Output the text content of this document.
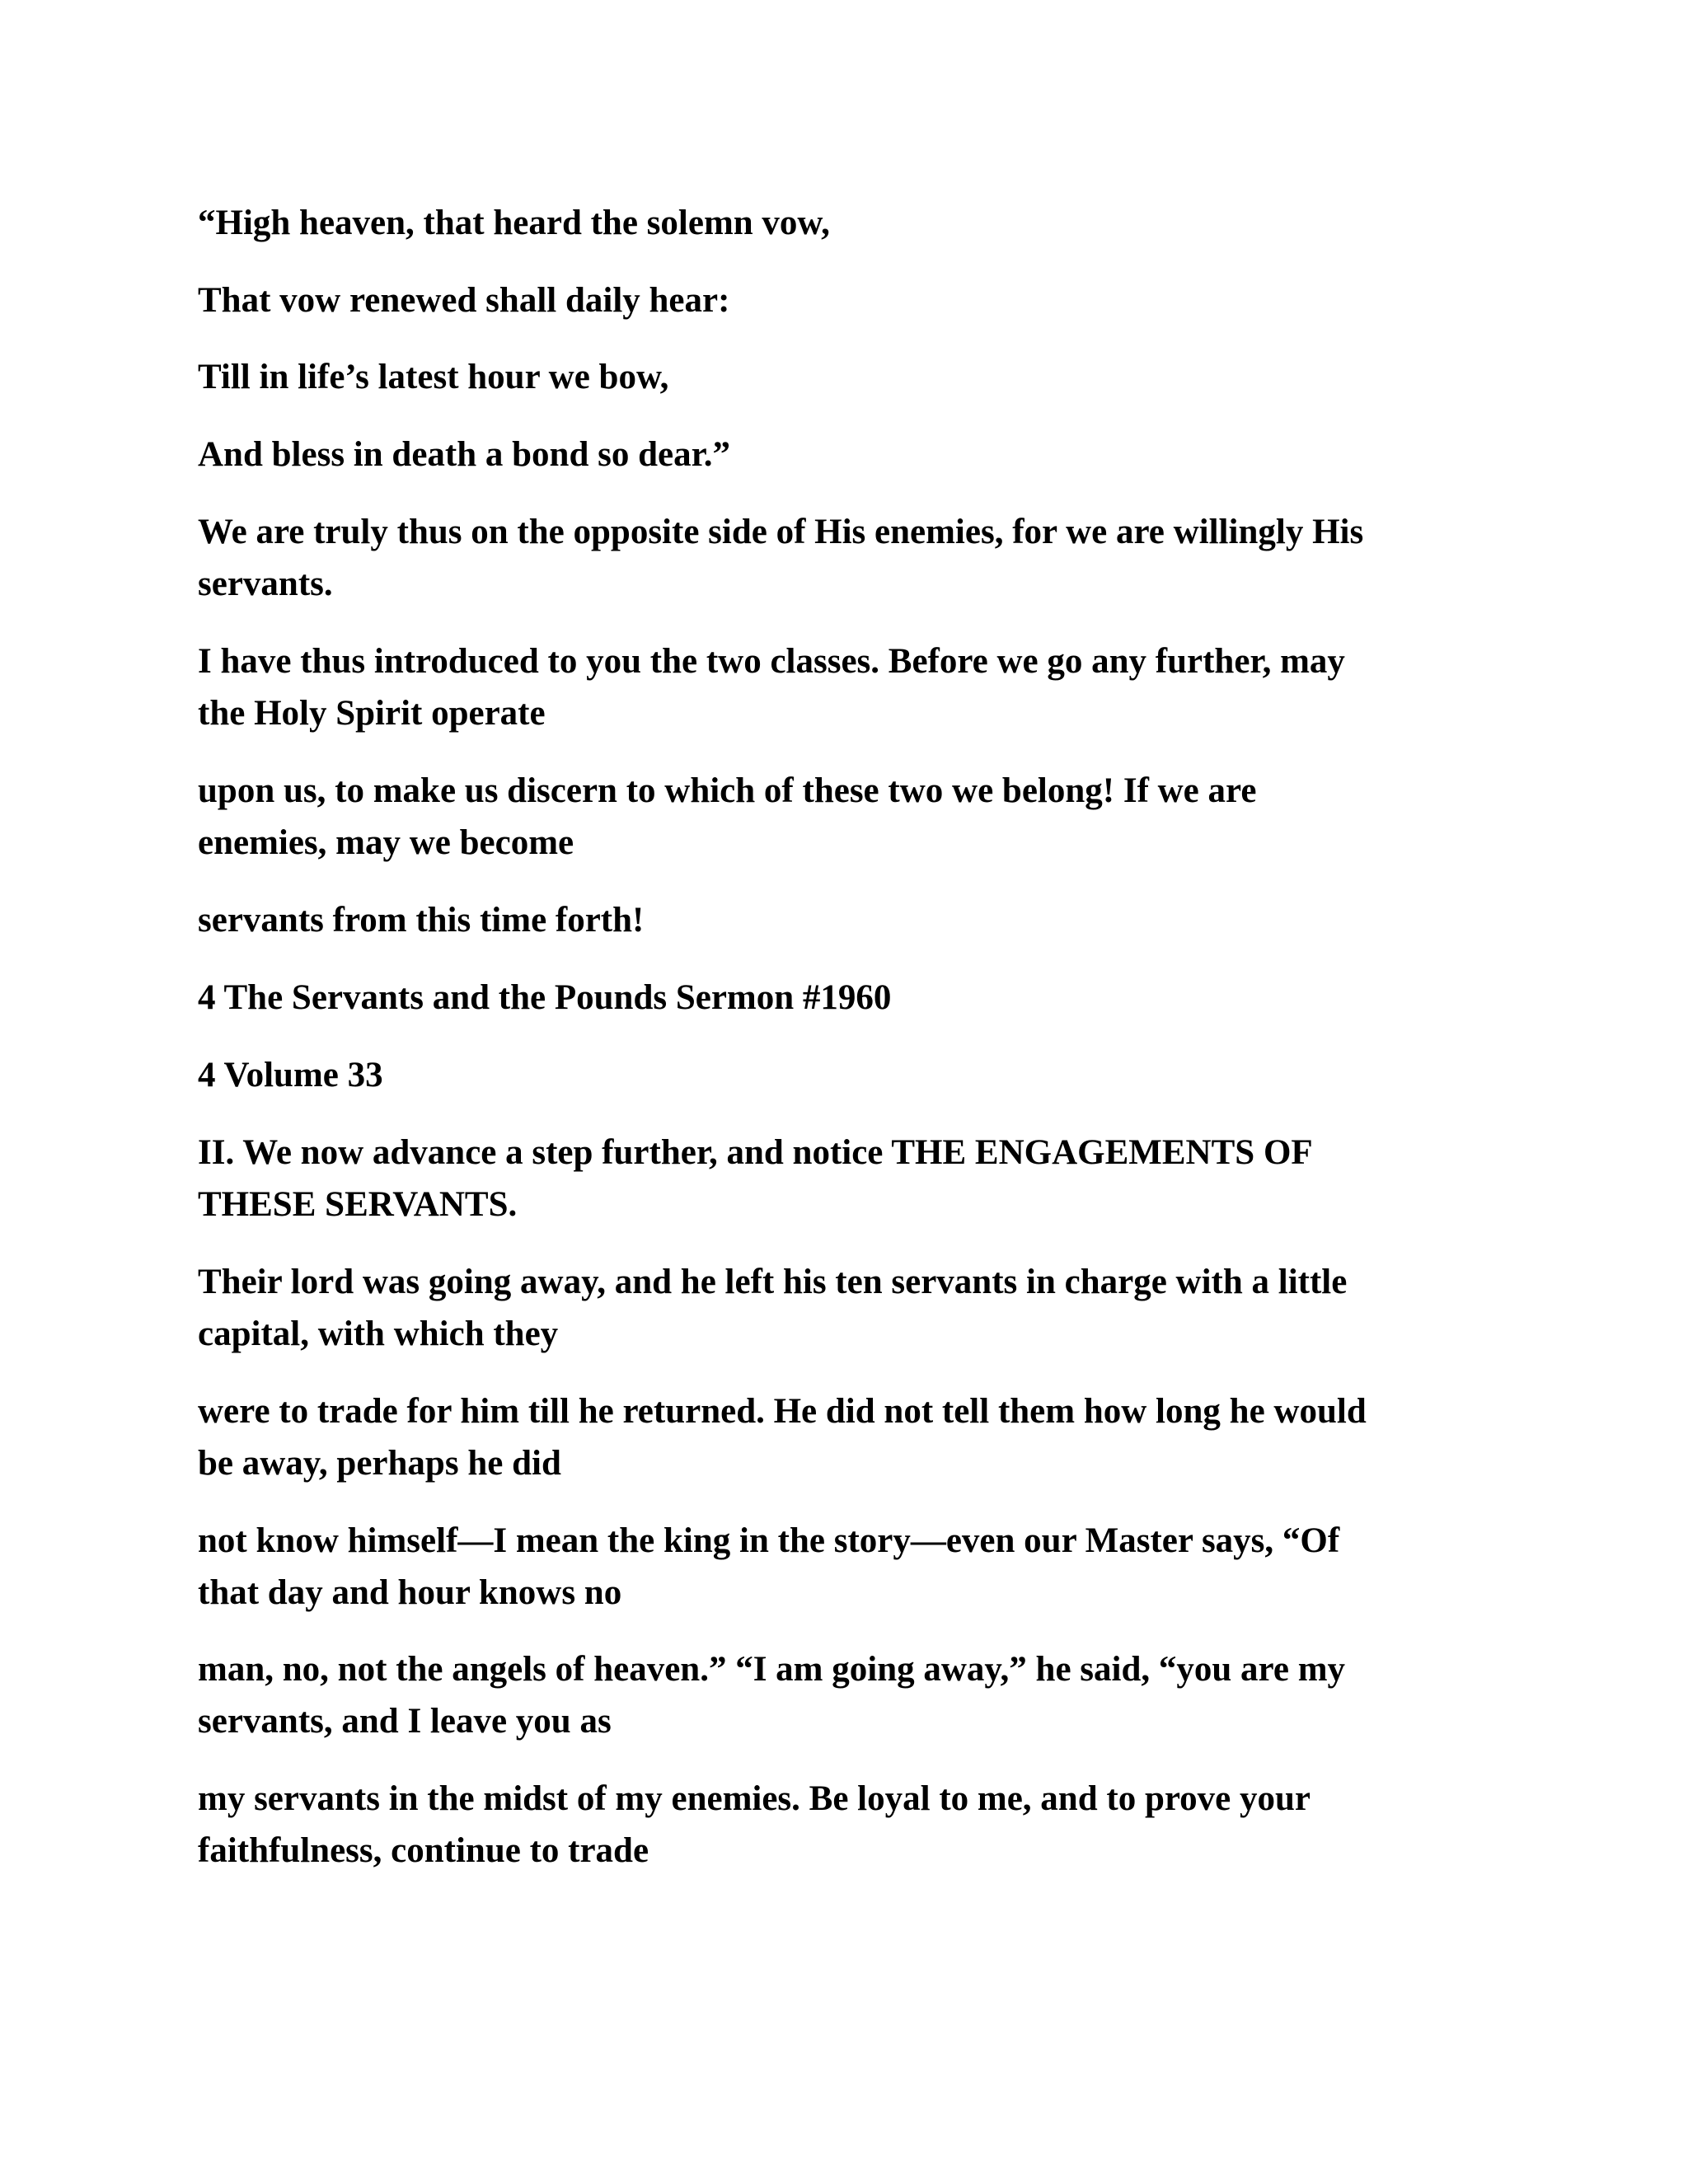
“High heaven, that heard the solemn vow,

That vow renewed shall daily hear:

Till in life’s latest hour we bow,

And bless in death a bond so dear.”

We are truly thus on the opposite side of His enemies, for we are willingly His
servants.

I have thus introduced to you the two classes. Before we go any further, may
the Holy Spirit operate

upon us, to make us discern to which of these two we belong! If we are
enemies, may we become

servants from this time forth!

4 The Servants and the Pounds Sermon #1960

4 Volume 33

II. We now advance a step further, and notice THE ENGAGEMENTS OF
THESE SERVANTS.

Their lord was going away, and he left his ten servants in charge with a little
capital, with which they

were to trade for him till he returned. He did not tell them how long he would
be away, perhaps he did

not know himself—I mean the king in the story—even our Master says, “Of
that day and hour knows no

man, no, not the angels of heaven.” “I am going away,” he said, “you are my
servants, and I leave you as

my servants in the midst of my enemies. Be loyal to me, and to prove your
faithfulness, continue to trade
